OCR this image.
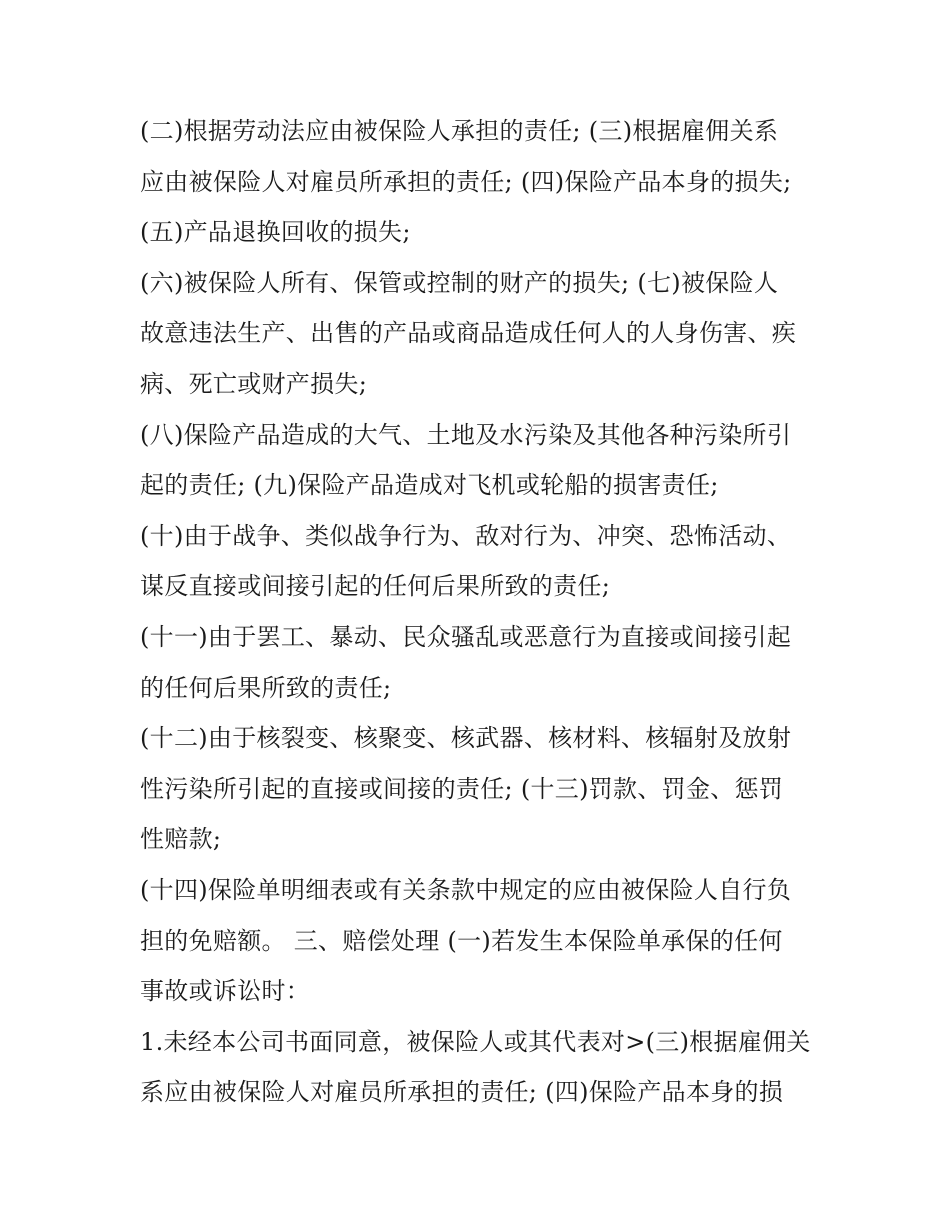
(二)根据劳动法应由被保险人承担的责任; (三)根据雇佣关系
应由被保险人对雇员所承担的责任; (四)保险产品本身的损失;
(五)产品退换回收的损失;
(六)被保险人所有、保管或控制的财产的损失; (七)被保险人
故意违法生产、出售的产品或商品造成任何人的人身伤害、疾
病、死亡或财产损失;
(八)保险产品造成的大气、土地及水污染及其他各种污染所引
起的责任; (九)保险产品造成对飞机或轮船的损害责任;
(十)由于战争、类似战争行为、敌对行为、冲突、恐怖活动、
谋反直接或间接引起的任何后果所致的责任;
(十一)由于罢工、暴动、民众骚乱或恶意行为直接或间接引起
的任何后果所致的责任;
(十二)由于核裂变、核聚变、核武器、核材料、核辐射及放射
性污染所引起的直接或间接的责任; (十三)罚款、罚金、惩罚
性赔款;
(十四)保险单明细表或有关条款中规定的应由被保险人自行负
担的免赔额。 三、赔偿处理 (一)若发生本保险单承保的任何
事故或诉讼时：
1.未经本公司书面同意，被保险人或其代表对>(三)根据雇佣关
系应由被保险人对雇员所承担的责任; (四)保险产品本身的损
